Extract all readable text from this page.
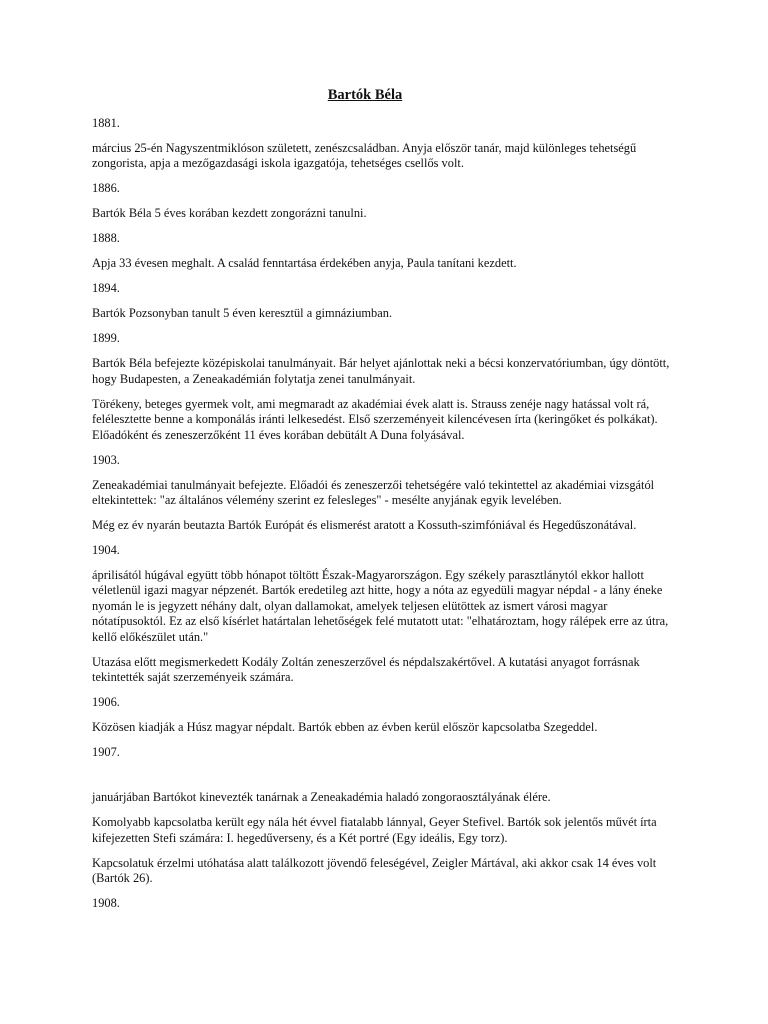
Bartók Béla

1881.

március 25-én Nagyszentmiklóson született, zenészcsaládban. Anyja először tanár, majd különleges tehetségű zongorista, apja a mezőgazdasági iskola igazgatója, tehetséges csellős volt.

1886.

Bartók Béla 5 éves korában kezdett zongorázni tanulni.

1888.

Apja 33 évesen meghalt. A család fenntartása érdekében anyja, Paula tanítani kezdett.

1894.

Bartók Pozsonyban tanult 5 éven keresztül a gimnáziumban.

1899.

Bartók Béla befejezte középiskolai tanulmányait. Bár helyet ajánlottak neki a bécsi konzervatóriumban, úgy döntött, hogy Budapesten, a Zeneakadémián folytatja zenei tanulmányait.

Törékeny, beteges gyermek volt, ami megmaradt az akadémiai évek alatt is. Strauss zenéje nagy hatással volt rá, felélesztette benne a komponálás iránti lelkesedést. Első szerzeményeit kilencévesen írta (keringőket és polkákat). Előadóként és zeneszerzőként 11 éves korában debütált A Duna folyásával.

1903.

Zeneakadémiai tanulmányait befejezte. Előadói és zeneszerzői tehetségére való tekintettel az akadémiai vizsgától eltekintettek: "az általános vélemény szerint ez felesleges" - mesélte anyjának egyik levelében.

Még ez év nyarán beutazta Bartók Európát és elismerést aratott a Kossuth-szimfóniával és Hegedűszonátával.

1904.

áprilisától húgával együtt több hónapot töltött Észak-Magyarországon. Egy székely parasztlánytól ekkor hallott véletlenül igazi magyar népzenét. Bartók eredetileg azt hitte, hogy a nóta az egyedüli magyar népdal - a lány éneke nyomán le is jegyzett néhány dalt, olyan dallamokat, amelyek teljesen elütöttek az ismert városi magyar nótatípusoktól. Ez az első kísérlet határtalan lehetőségek felé mutatott utat: "elhatároztam, hogy rálépek erre az útra, kellő előkészület után."

Utazása előtt megismerkedett Kodály Zoltán zeneszerzővel és népdalszakértővel. A kutatási anyagot forrásnak tekintették saját szerzeményeik számára.

1906.

Közösen kiadják a Húsz magyar népdalt. Bartók ebben az évben kerül először kapcsolatba Szegeddel.

1907.

januárjában Bartókot kinevezték tanárnak a Zeneakadémia haladó zongoraosztályának élére.

Komolyabb kapcsolatba került egy nála hét évvel fiatalabb lánnyal, Geyer Stefivel. Bartók sok jelentős művét írta kifejezetten Stefi számára: I. hegedűverseny, és a Két portré (Egy ideális, Egy torz).

Kapcsolatuk érzelmi utóhatása alatt találkozott jövendő feleségével, Zeigler Mártával, aki akkor csak 14 éves volt (Bartók 26).

1908.
